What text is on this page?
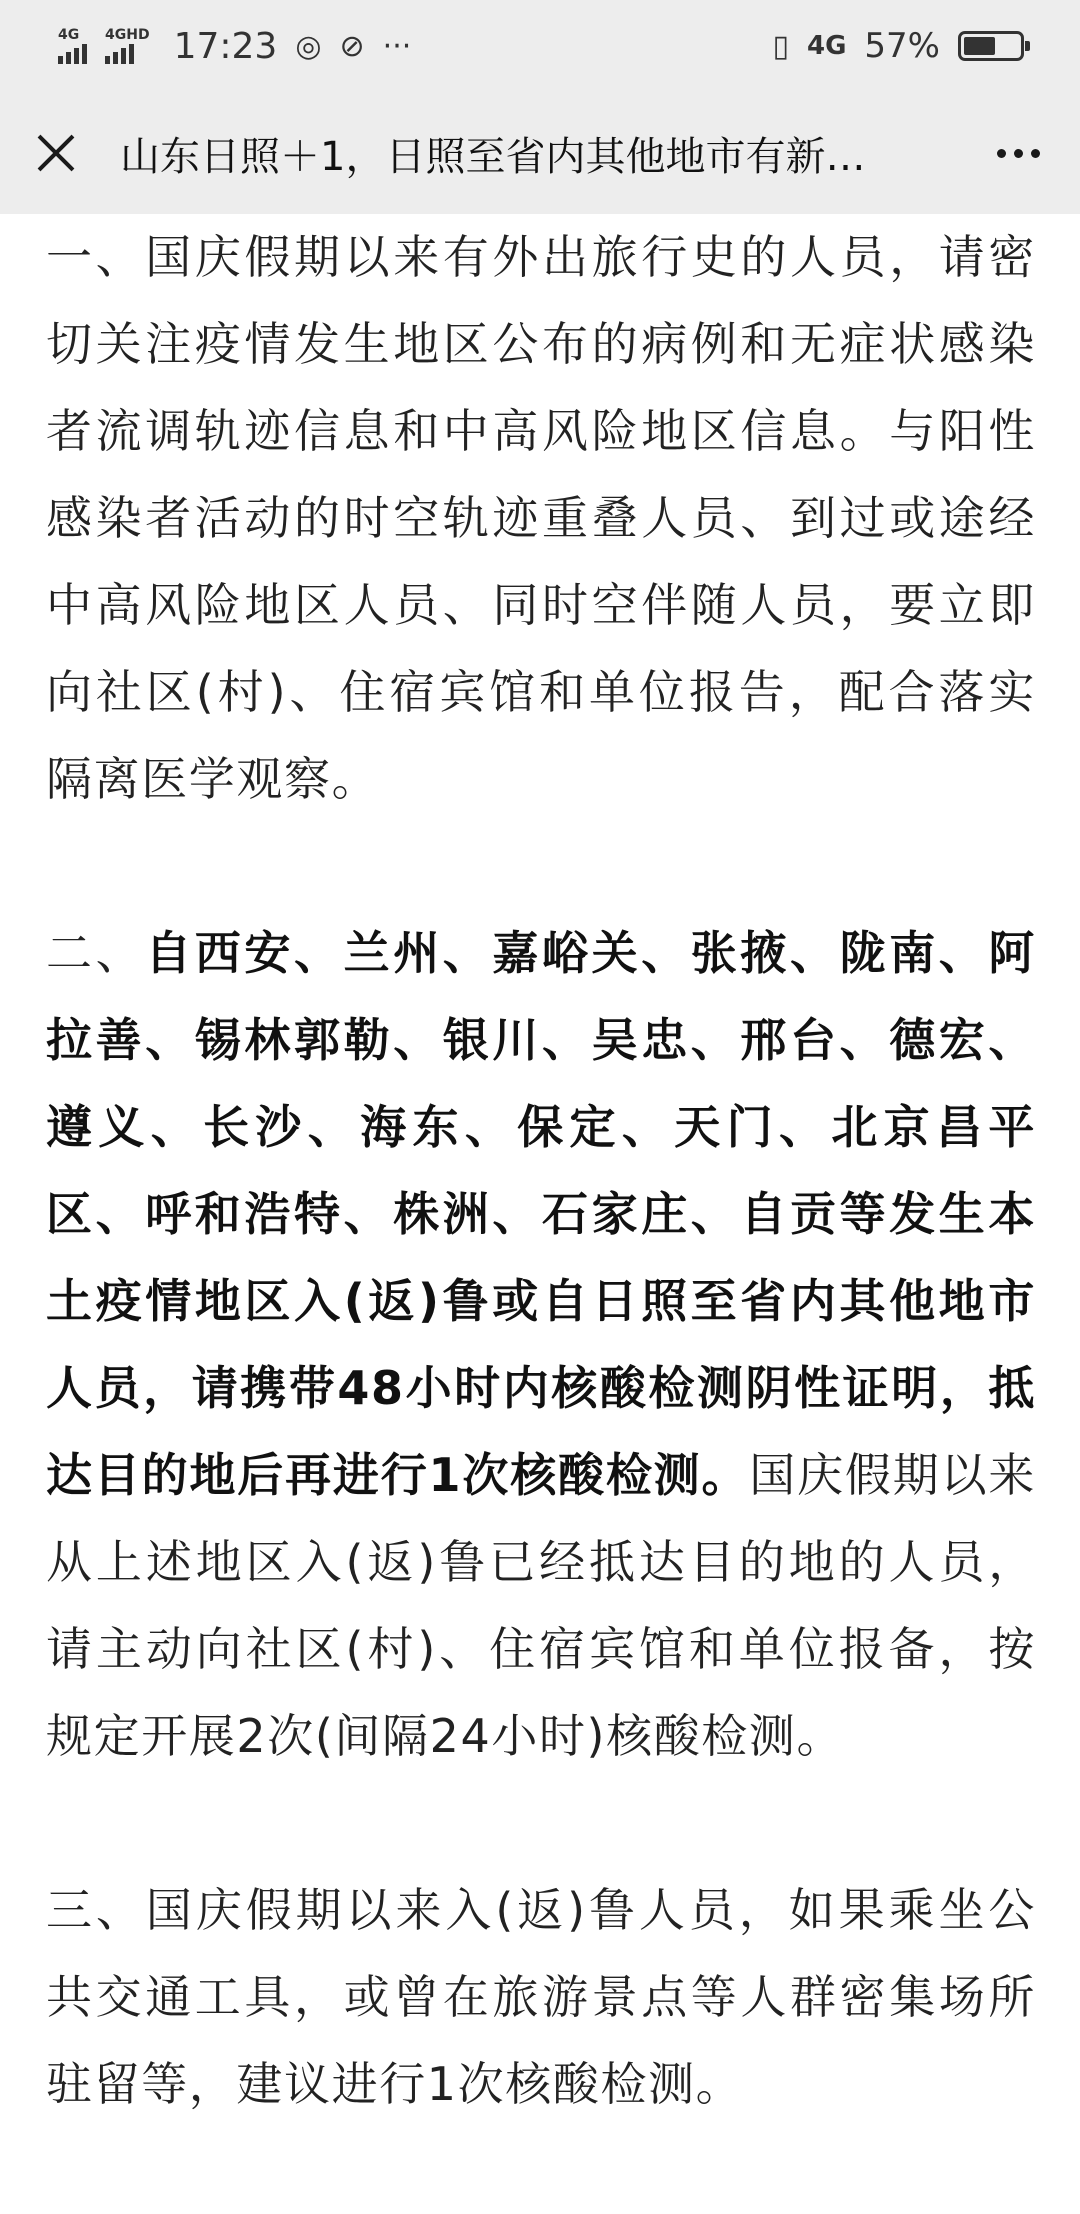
4G 4GHD 17:23 ◎ ⊘ ···	▯ 4G 57%
山东日照＋1，日照至省内其他地市有新…

一、国庆假期以来有外出旅行史的人员，请密切关注疫情发生地区公布的病例和无症状感染者流调轨迹信息和中高风险地区信息。与阳性感染者活动的时空轨迹重叠人员、到过或途经中高风险地区人员、同时空伴随人员，要立即向社区(村)、住宿宾馆和单位报告，配合落实隔离医学观察。

二、自西安、兰州、嘉峪关、张掖、陇南、阿拉善、锡林郭勒、银川、吴忠、邢台、德宏、遵义、长沙、海东、保定、天门、北京昌平区、呼和浩特、株洲、石家庄、自贡等发生本土疫情地区入(返)鲁或自日照至省内其他地市人员，请携带48小时内核酸检测阴性证明，抵达目的地后再进行1次核酸检测。国庆假期以来从上述地区入(返)鲁已经抵达目的地的人员，请主动向社区(村)、住宿宾馆和单位报备，按规定开展2次(间隔24小时)核酸检测。

三、国庆假期以来入(返)鲁人员，如果乘坐公共交通工具，或曾在旅游景点等人群密集场所驻留等，建议进行1次核酸检测。
